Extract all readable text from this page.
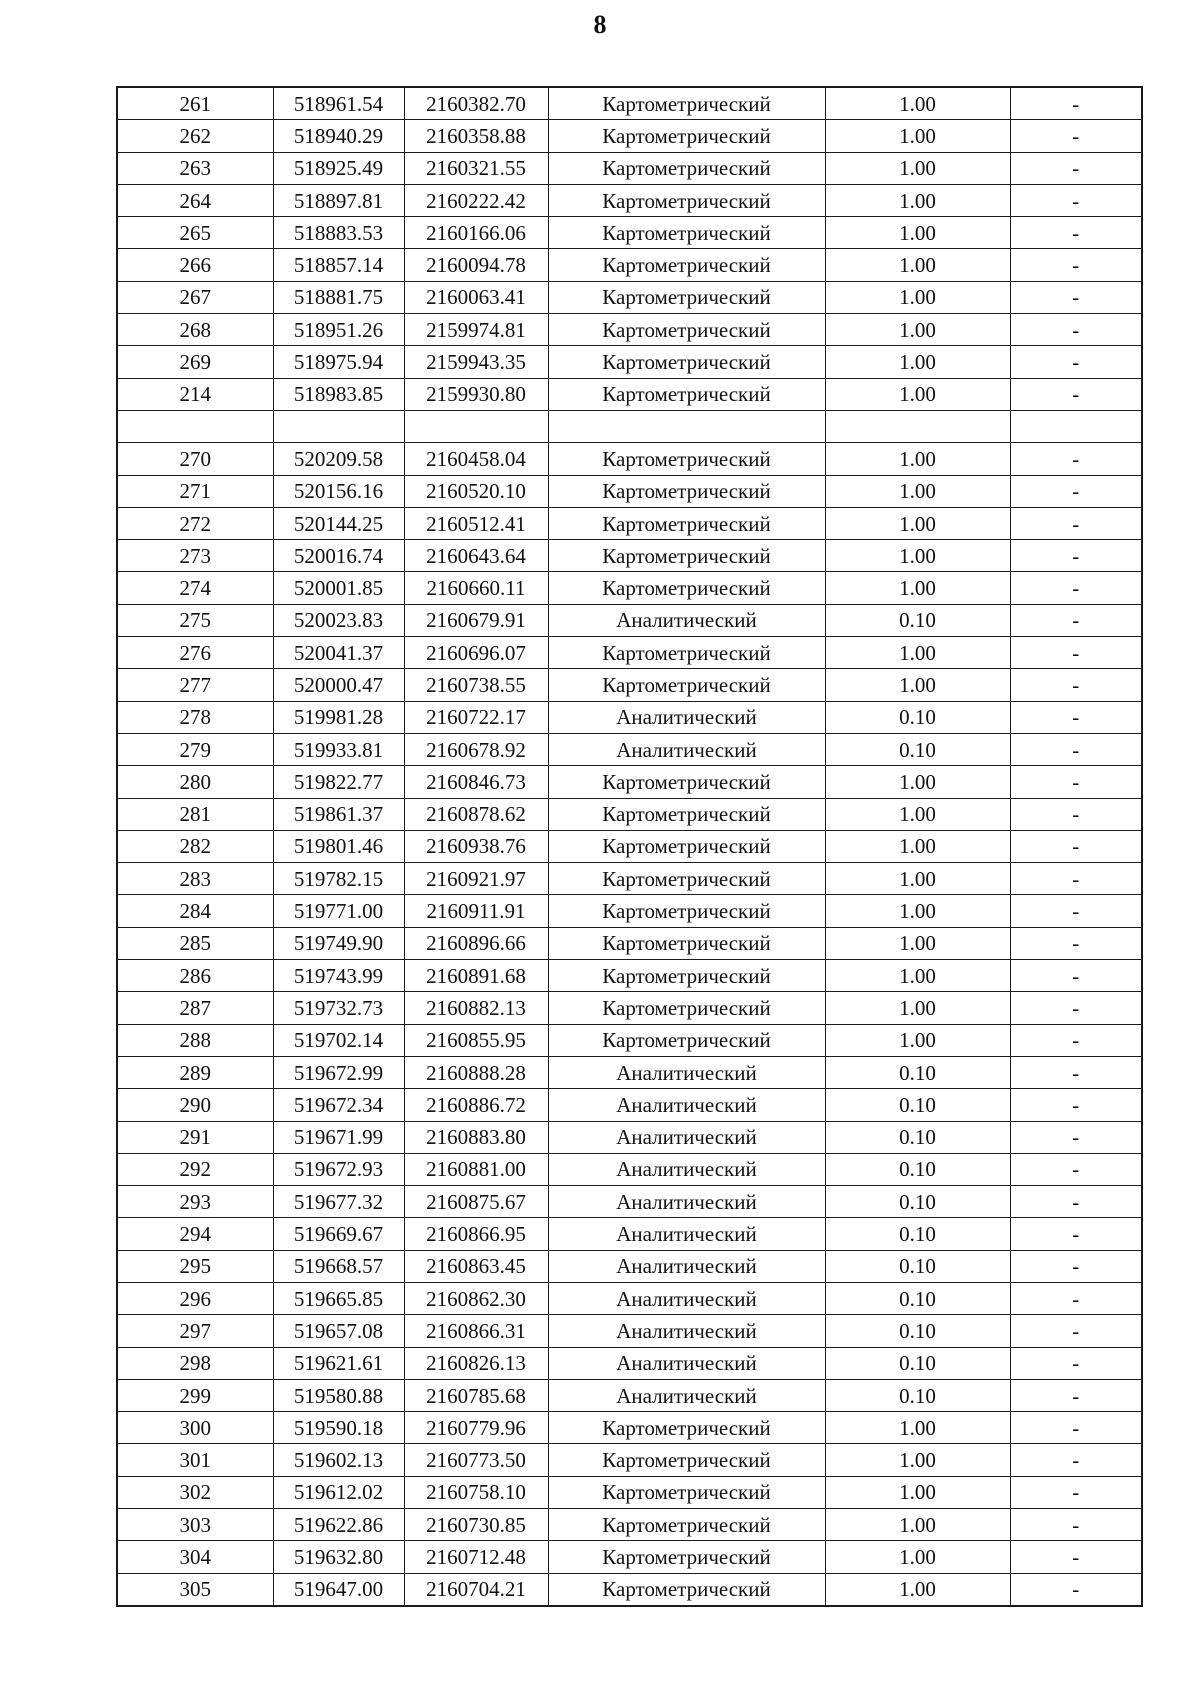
8
261	518961.54	2160382.70	Картометрический	1.00	-
262	518940.29	2160358.88	Картометрический	1.00	-
263	518925.49	2160321.55	Картометрический	1.00	-
264	518897.81	2160222.42	Картометрический	1.00	-
265	518883.53	2160166.06	Картометрический	1.00	-
266	518857.14	2160094.78	Картометрический	1.00	-
267	518881.75	2160063.41	Картометрический	1.00	-
268	518951.26	2159974.81	Картометрический	1.00	-
269	518975.94	2159943.35	Картометрический	1.00	-
214	518983.85	2159930.80	Картометрический	1.00	-

270	520209.58	2160458.04	Картометрический	1.00	-
271	520156.16	2160520.10	Картометрический	1.00	-
272	520144.25	2160512.41	Картометрический	1.00	-
273	520016.74	2160643.64	Картометрический	1.00	-
274	520001.85	2160660.11	Картометрический	1.00	-
275	520023.83	2160679.91	Аналитический	0.10	-
276	520041.37	2160696.07	Картометрический	1.00	-
277	520000.47	2160738.55	Картометрический	1.00	-
278	519981.28	2160722.17	Аналитический	0.10	-
279	519933.81	2160678.92	Аналитический	0.10	-
280	519822.77	2160846.73	Картометрический	1.00	-
281	519861.37	2160878.62	Картометрический	1.00	-
282	519801.46	2160938.76	Картометрический	1.00	-
283	519782.15	2160921.97	Картометрический	1.00	-
284	519771.00	2160911.91	Картометрический	1.00	-
285	519749.90	2160896.66	Картометрический	1.00	-
286	519743.99	2160891.68	Картометрический	1.00	-
287	519732.73	2160882.13	Картометрический	1.00	-
288	519702.14	2160855.95	Картометрический	1.00	-
289	519672.99	2160888.28	Аналитический	0.10	-
290	519672.34	2160886.72	Аналитический	0.10	-
291	519671.99	2160883.80	Аналитический	0.10	-
292	519672.93	2160881.00	Аналитический	0.10	-
293	519677.32	2160875.67	Аналитический	0.10	-
294	519669.67	2160866.95	Аналитический	0.10	-
295	519668.57	2160863.45	Аналитический	0.10	-
296	519665.85	2160862.30	Аналитический	0.10	-
297	519657.08	2160866.31	Аналитический	0.10	-
298	519621.61	2160826.13	Аналитический	0.10	-
299	519580.88	2160785.68	Аналитический	0.10	-
300	519590.18	2160779.96	Картометрический	1.00	-
301	519602.13	2160773.50	Картометрический	1.00	-
302	519612.02	2160758.10	Картометрический	1.00	-
303	519622.86	2160730.85	Картометрический	1.00	-
304	519632.80	2160712.48	Картометрический	1.00	-
305	519647.00	2160704.21	Картометрический	1.00	-
